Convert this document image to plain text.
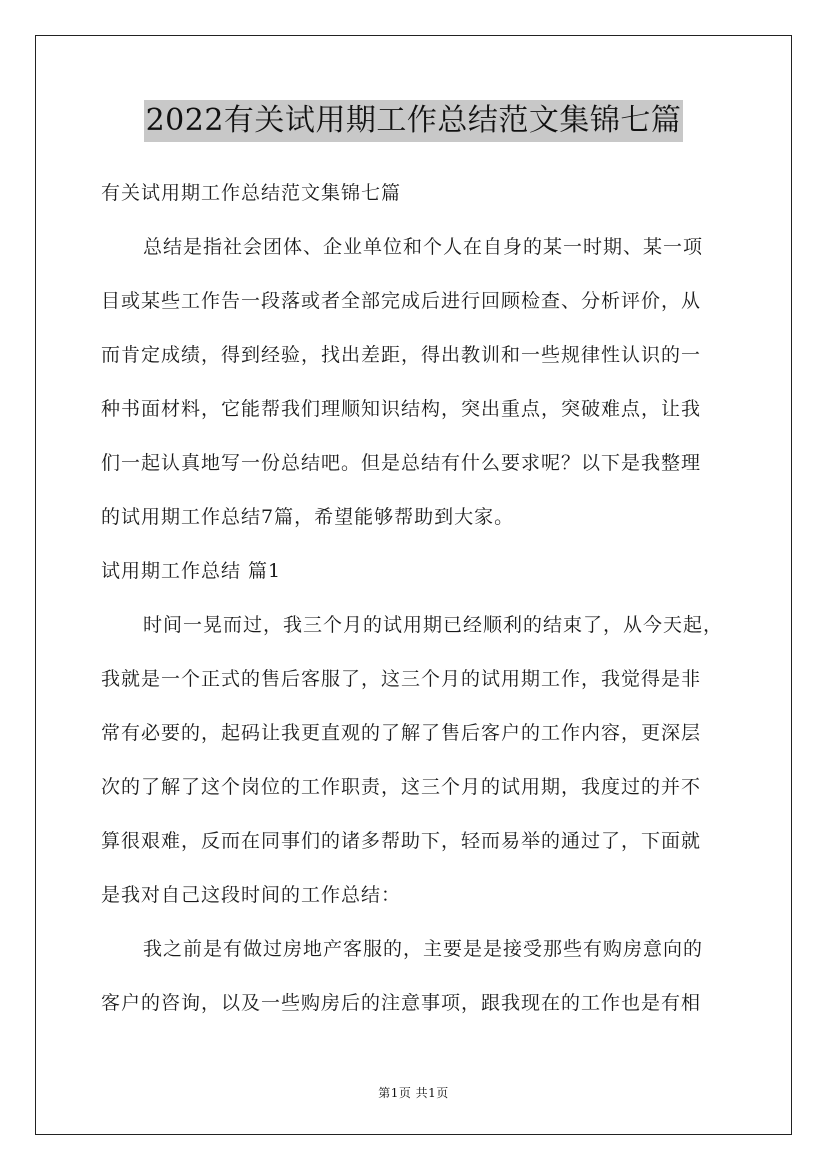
2022有关试用期工作总结范文集锦七篇
有关试用期工作总结范文集锦七篇
总结是指社会团体、企业单位和个人在自身的某一时期、某一项
目或某些工作告一段落或者全部完成后进行回顾检查、分析评价，从
而肯定成绩，得到经验，找出差距，得出教训和一些规律性认识的一
种书面材料，它能帮我们理顺知识结构，突出重点，突破难点，让我
们一起认真地写一份总结吧。但是总结有什么要求呢？以下是我整理
的试用期工作总结7篇，希望能够帮助到大家。
试用期工作总结 篇1
时间一晃而过，我三个月的试用期已经顺利的结束了，从今天起，
我就是一个正式的售后客服了，这三个月的试用期工作，我觉得是非
常有必要的，起码让我更直观的了解了售后客户的工作内容，更深层
次的了解了这个岗位的工作职责，这三个月的试用期，我度过的并不
算很艰难，反而在同事们的诸多帮助下，轻而易举的通过了，下面就
是我对自己这段时间的工作总结：
我之前是有做过房地产客服的，主要是是接受那些有购房意向的
客户的咨询，以及一些购房后的注意事项，跟我现在的工作也是有相
第1页 共1页
